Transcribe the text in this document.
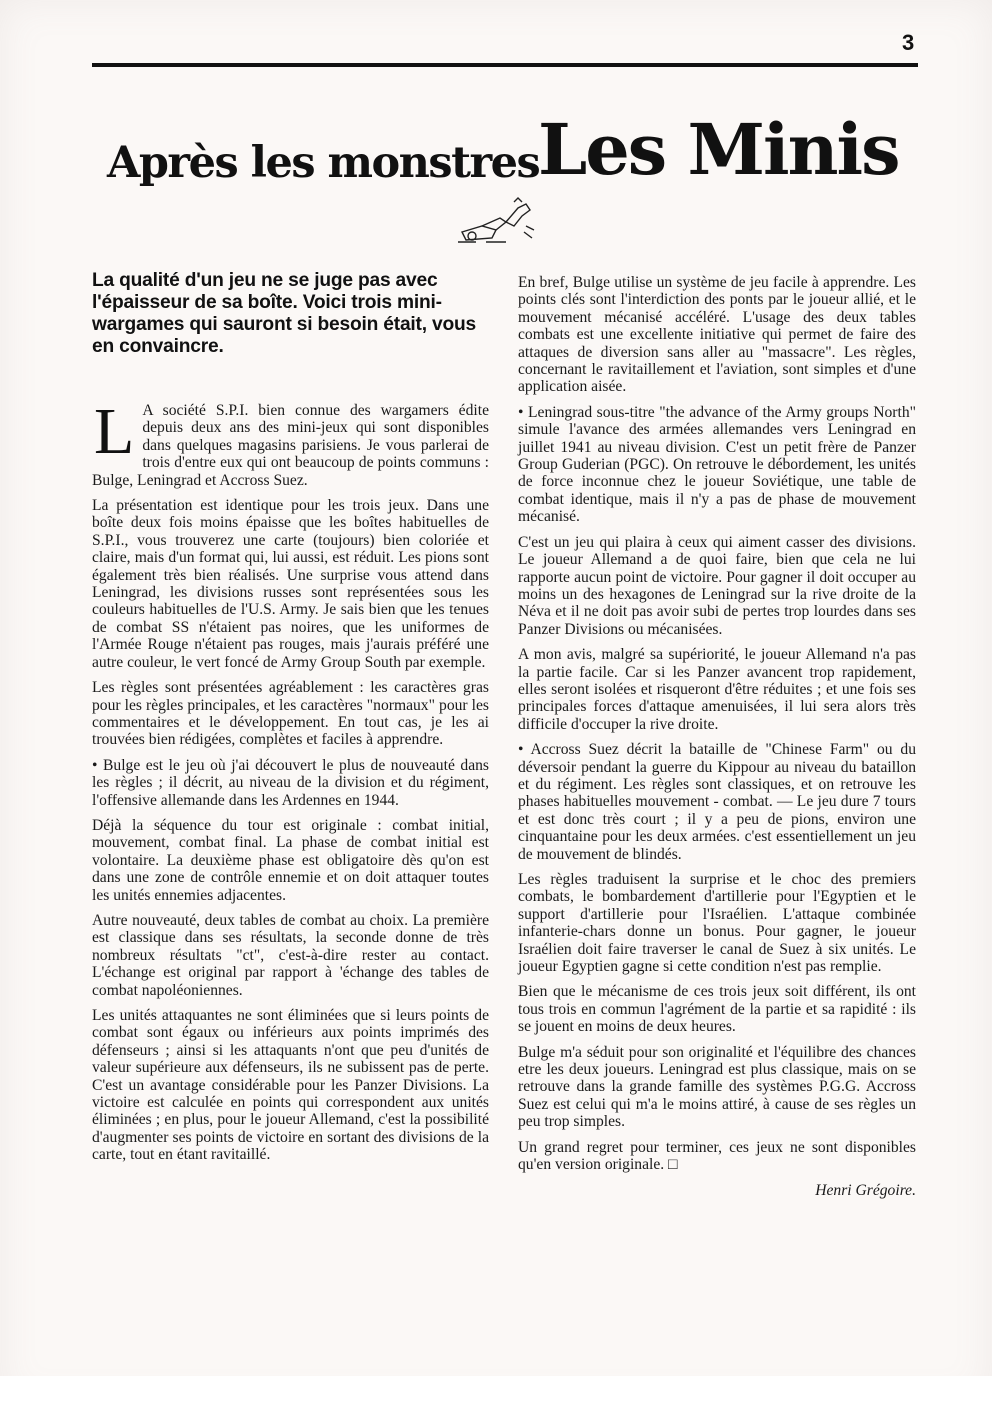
3
Après les monstres
Les Minis

La qualité d'un jeu ne se juge pas avec l'épaisseur de sa boîte. Voici trois mini-wargames qui sauront si besoin était, vous en convaincre.

L A société S.P.I. bien connue des wargamers édite depuis deux ans des mini-jeux qui sont disponibles dans quelques magasins parisiens. Je vous parlerai de trois d'entre eux qui ont beaucoup de points communs : Bulge, Leningrad et Accross Suez.

La présentation est identique pour les trois jeux. Dans une boîte deux fois moins épaisse que les boîtes habituelles de S.P.I., vous trouverez une carte (toujours) bien coloriée et claire, mais d'un format qui, lui aussi, est réduit. Les pions sont également très bien réalisés. Une surprise vous attend dans Leningrad, les divisions russes sont représentées sous les couleurs habituelles de l'U.S. Army. Je sais bien que les tenues de combat SS n'étaient pas noires, que les uniformes de l'Armée Rouge n'étaient pas rouges, mais j'aurais préféré une autre couleur, le vert foncé de Army Group South par exemple.

Les règles sont présentées agréablement : les caractères gras pour les règles principales, et les caractères "normaux" pour les commentaires et le développement. En tout cas, je les ai trouvées bien rédigées, complètes et faciles à apprendre.

• Bulge est le jeu où j'ai découvert le plus de nouveauté dans les règles ; il décrit, au niveau de la division et du régiment, l'offensive allemande dans les Ardennes en 1944.

Déjà la séquence du tour est originale : combat initial, mouvement, combat final. La phase de combat initial est volontaire. La deuxième phase est obligatoire dès qu'on est dans une zone de contrôle ennemie et on doit attaquer toutes les unités ennemies adjacentes.

Autre nouveauté, deux tables de combat au choix. La première est classique dans ses résultats, la seconde donne de très nombreux résultats "ct", c'est-à-dire rester au contact. L'échange est original par rapport à 'échange des tables de combat napoléoniennes.

Les unités attaquantes ne sont éliminées que si leurs points de combat sont égaux ou inférieurs aux points imprimés des défenseurs ; ainsi si les attaquants n'ont que peu d'unités de valeur supérieure aux défenseurs, ils ne subissent pas de perte. C'est un avantage considérable pour les Panzer Divisions. La victoire est calculée en points qui correspondent aux unités éliminées ; en plus, pour le joueur Allemand, c'est la possibilité d'augmenter ses points de victoire en sortant des divisions de la carte, tout en étant ravitaillé.

En bref, Bulge utilise un système de jeu facile à apprendre. Les points clés sont l'interdiction des ponts par le joueur allié, et le mouvement mécanisé accéléré. L'usage des deux tables combats est une excellente initiative qui permet de faire des attaques de diversion sans aller au "massacre". Les règles, concernant le ravitaillement et l'aviation, sont simples et d'une application aisée.

• Leningrad sous-titre "the advance of the Army groups North" simule l'avance des armées allemandes vers Leningrad en juillet 1941 au niveau division. C'est un petit frère de Panzer Group Guderian (PGC). On retrouve le débordement, les unités de force inconnue chez le joueur Soviétique, une table de combat identique, mais il n'y a pas de phase de mouvement mécanisé.

C'est un jeu qui plaira à ceux qui aiment casser des divisions. Le joueur Allemand a de quoi faire, bien que cela ne lui rapporte aucun point de victoire. Pour gagner il doit occuper au moins un des hexagones de Leningrad sur la rive droite de la Néva et il ne doit pas avoir subi de pertes trop lourdes dans ses Panzer Divisions ou mécanisées.

A mon avis, malgré sa supériorité, le joueur Allemand n'a pas la partie facile. Car si les Panzer avancent trop rapidement, elles seront isolées et risqueront d'être réduites ; et une fois ses principales forces d'attaque amenuisées, il lui sera alors très difficile d'occuper la rive droite.

• Accross Suez décrit la bataille de "Chinese Farm" ou du déversoir pendant la guerre du Kippour au niveau du bataillon et du régiment. Les règles sont classiques, et on retrouve les phases habituelles mouvement - combat. — Le jeu dure 7 tours et est donc très court ; il y a peu de pions, environ une cinquantaine pour les deux armées. c'est essentiellement un jeu de mouvement de blindés.

Les règles traduisent la surprise et le choc des premiers combats, le bombardement d'artillerie pour l'Egyptien et le support d'artillerie pour l'Israélien. L'attaque combinée infanterie-chars donne un bonus. Pour gagner, le joueur Israélien doit faire traverser le canal de Suez à six unités. Le joueur Egyptien gagne si cette condition n'est pas remplie.

Bien que le mécanisme de ces trois jeux soit différent, ils ont tous trois en commun l'agrément de la partie et sa rapidité : ils se jouent en moins de deux heures.

Bulge m'a séduit pour son originalité et l'équilibre des chances etre les deux joueurs. Leningrad est plus classique, mais on se retrouve dans la grande famille des systèmes P.G.G. Accross Suez est celui qui m'a le moins attiré, à cause de ses règles un peu trop simples.

Un grand regret pour terminer, ces jeux ne sont disponibles qu'en version originale. □

Henri Grégoire.
